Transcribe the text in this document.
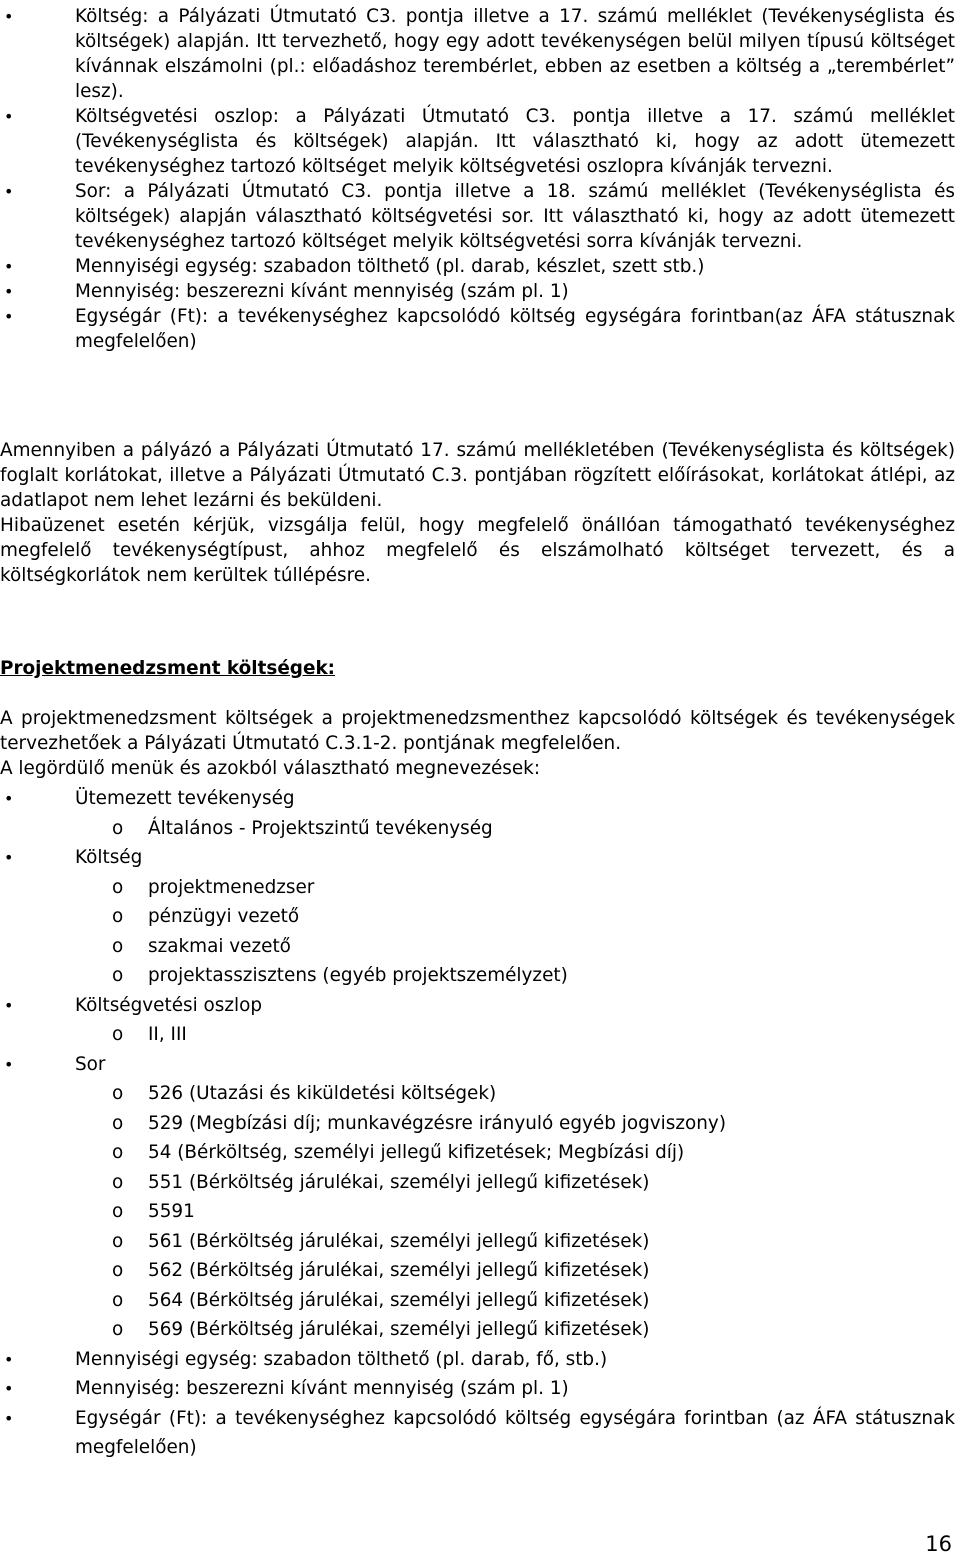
•	Költség: a Pályázati Útmutató C3. pontja illetve a 17. számú melléklet (Tevékenységlista és költségek) alapján. Itt tervezhető, hogy egy adott tevékenységen belül milyen típusú költséget kívánnak elszámolni (pl.: előadáshoz terembérlet, ebben az esetben a költség a „terembérlet” lesz).
•	Költségvetési oszlop: a Pályázati Útmutató C3. pontja illetve a 17. számú melléklet (Tevékenységlista és költségek) alapján. Itt választható ki, hogy az adott ütemezett tevékenységhez tartozó költséget melyik költségvetési oszlopra kívánják tervezni.
•	Sor: a Pályázati Útmutató C3. pontja illetve a 18. számú melléklet (Tevékenységlista és költségek) alapján választható költségvetési sor. Itt választható ki, hogy az adott ütemezett tevékenységhez tartozó költséget melyik költségvetési sorra kívánják tervezni.
•	Mennyiségi egység: szabadon tölthető (pl. darab, készlet, szett stb.)
•	Mennyiség: beszerezni kívánt mennyiség (szám pl. 1)
•	Egységár (Ft): a tevékenységhez kapcsolódó költség egységára forintban(az ÁFA státusznak megfelelően)

Amennyiben a pályázó a Pályázati Útmutató 17. számú mellékletében (Tevékenységlista és költségek) foglalt korlátokat, illetve a Pályázati Útmutató C.3. pontjában rögzített előírásokat, korlátokat átlépi, az adatlapot nem lehet lezárni és beküldeni.

Hibaüzenet esetén kérjük, vizsgálja felül, hogy megfelelő önállóan támogatható tevékenységhez megfelelő tevékenységtípust, ahhoz megfelelő és elszámolható költséget tervezett, és a költségkorlátok nem kerültek túllépésre.

Projektmenedzsment költségek:

A projektmenedzsment költségek a projektmenedzsmenthez kapcsolódó költségek és tevékenységek tervezhetőek a Pályázati Útmutató C.3.1-2. pontjának megfelelően.

A legördülő menük és azokból választható megnevezések:

•	Ütemezett tevékenység
o Általános - Projektszintű tevékenység
•	Költség
o projektmenedzser
o pénzügyi vezető
o szakmai vezető
o projektasszisztens (egyéb projektszemélyzet)
•	Költségvetési oszlop
o II, III
•	Sor
o 526 (Utazási és kiküldetési költségek)
o 529 (Megbízási díj; munkavégzésre irányuló egyéb jogviszony)
o 54 (Bérköltség, személyi jellegű kifizetések; Megbízási díj)
o 551 (Bérköltség járulékai, személyi jellegű kifizetések)
o 5591
o 561 (Bérköltség járulékai, személyi jellegű kifizetések)
o 562 (Bérköltség járulékai, személyi jellegű kifizetések)
o 564 (Bérköltség járulékai, személyi jellegű kifizetések)
o 569 (Bérköltség járulékai, személyi jellegű kifizetések)
•	Mennyiségi egység: szabadon tölthető (pl. darab, fő, stb.)
•	Mennyiség: beszerezni kívánt mennyiség (szám pl. 1)
•	Egységár (Ft): a tevékenységhez kapcsolódó költség egységára forintban (az ÁFA státusznak megfelelően)
16
